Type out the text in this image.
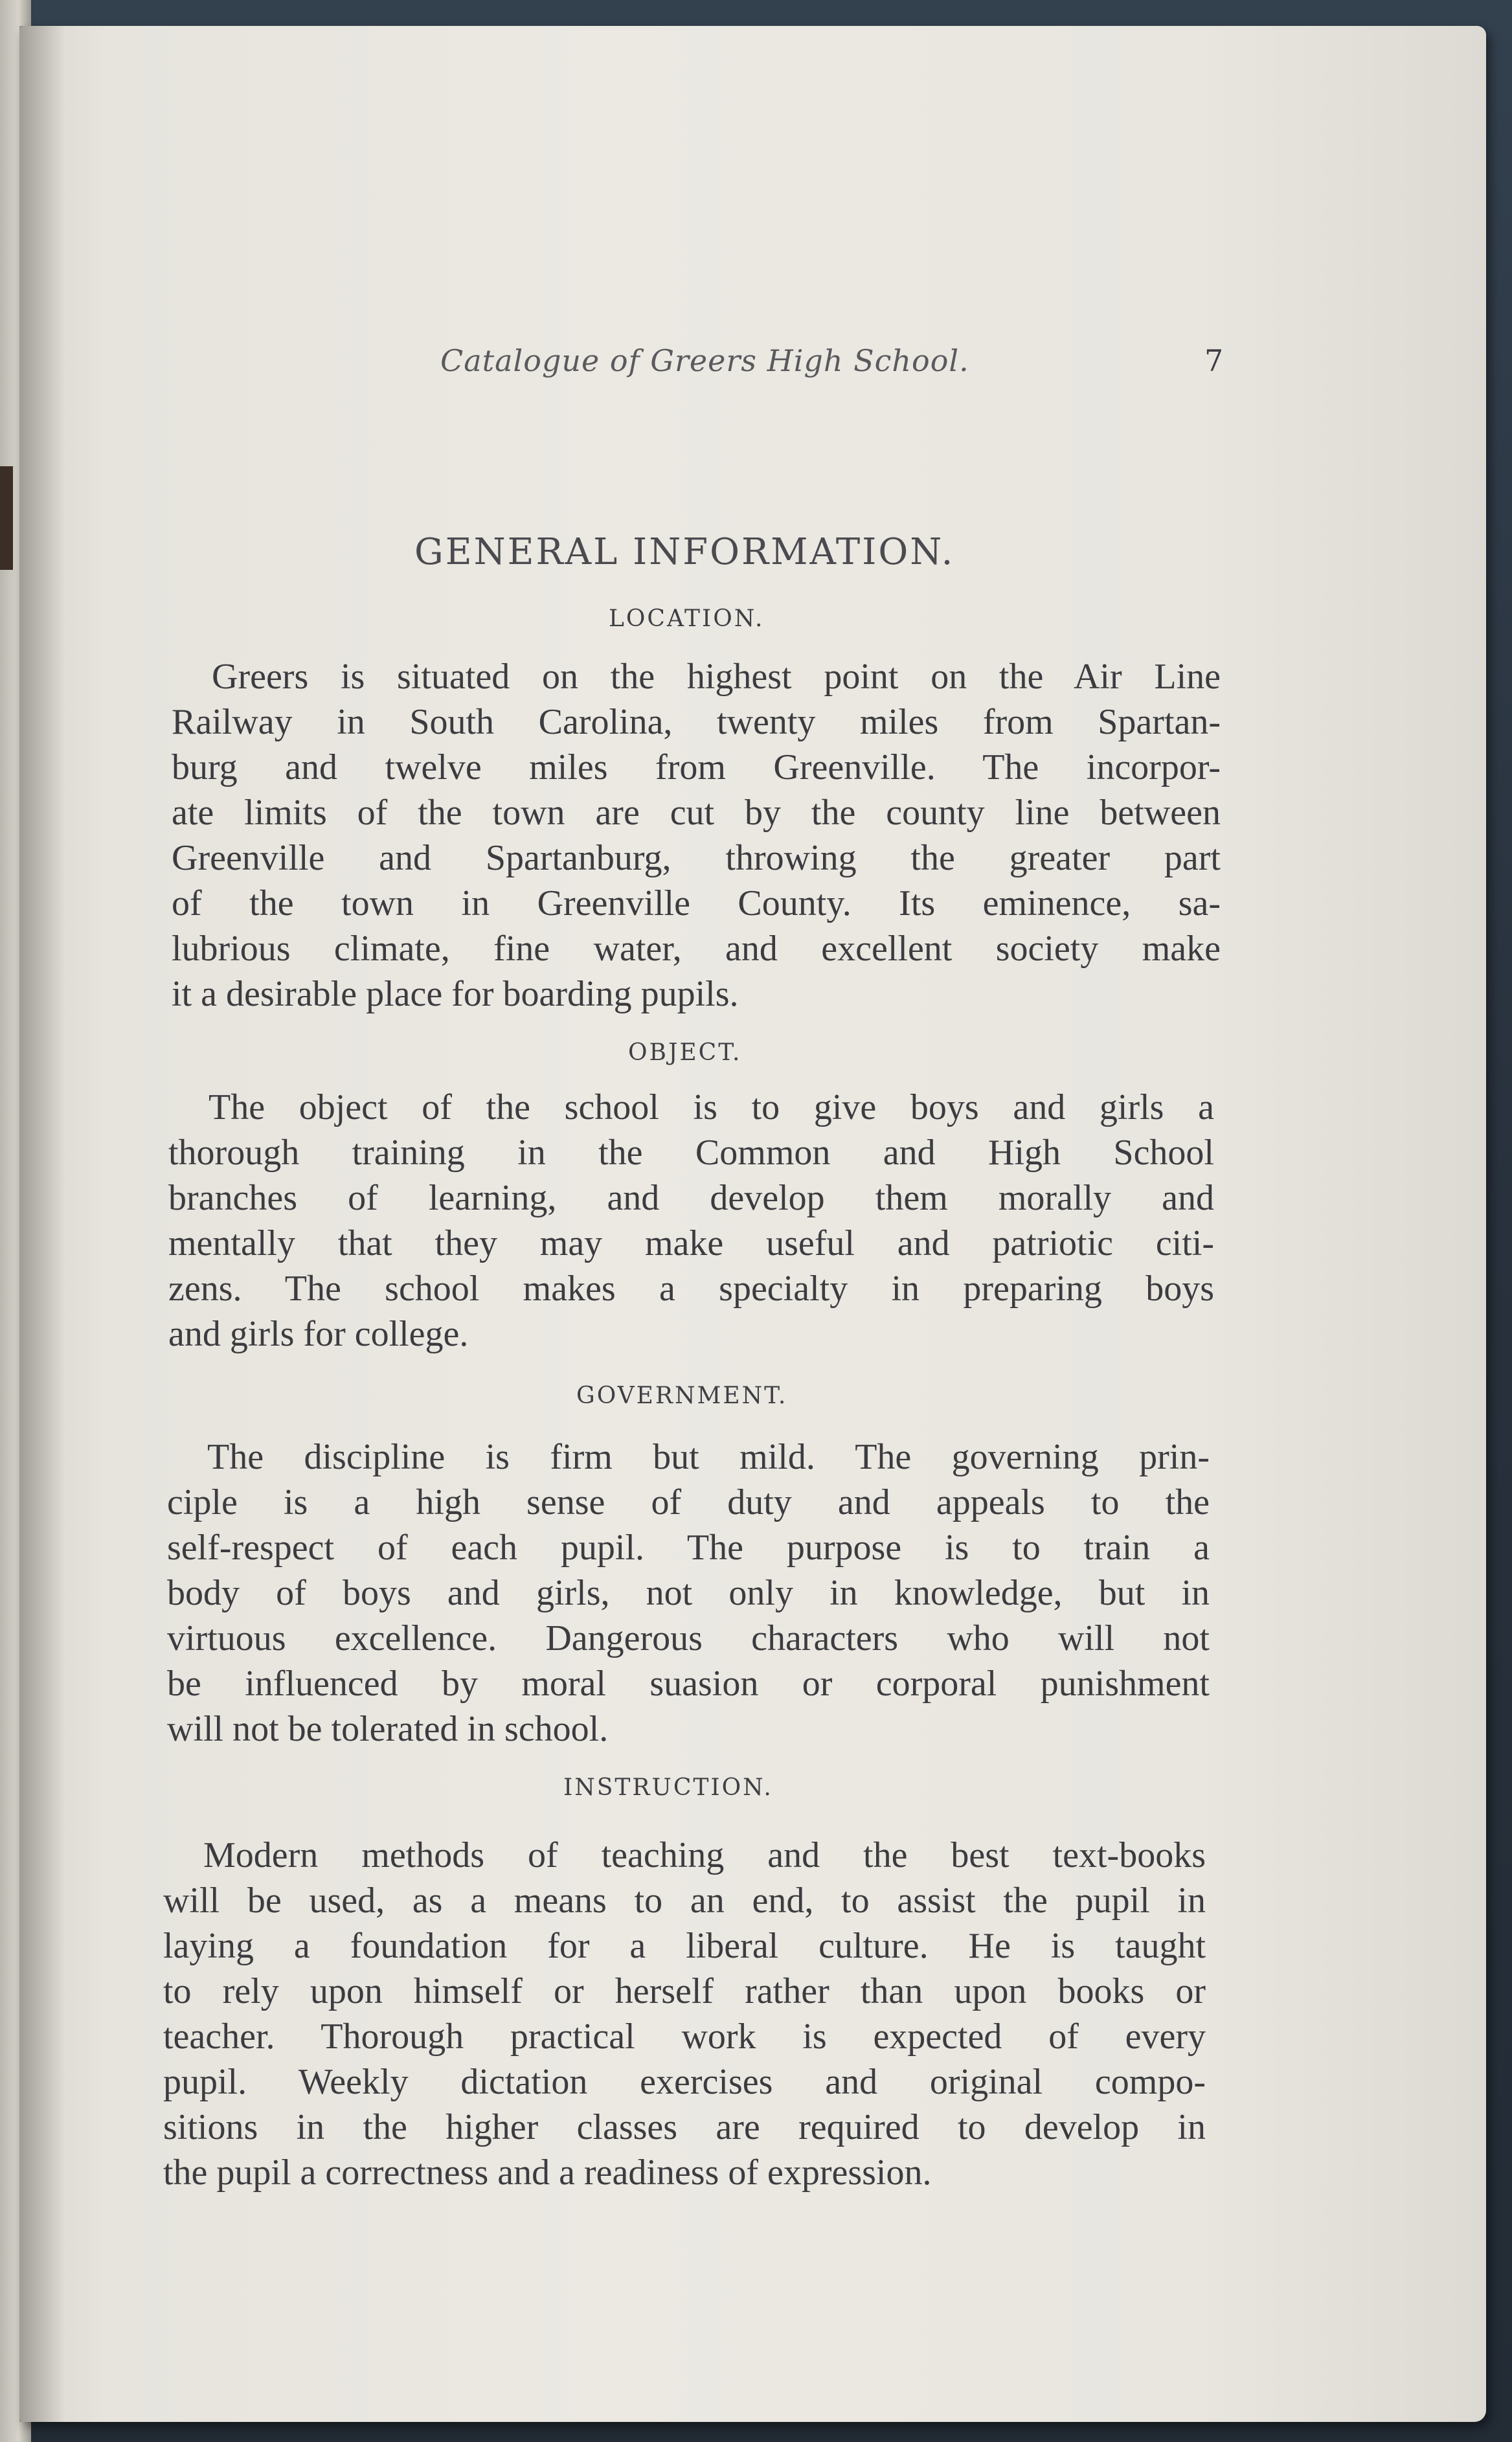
Catalogue of Greers High School.	7
GENERAL INFORMATION.
LOCATION.
Greers is situated on the highest point on the Air Line
Railway in South Carolina, twenty miles from Spartan-
burg and twelve miles from Greenville. The incorpor-
ate limits of the town are cut by the county line between
Greenville and Spartanburg, throwing the greater part
of the town in Greenville County. Its eminence, sa-
lubrious climate, fine water, and excellent society make
it a desirable place for boarding pupils.
OBJECT.
The object of the school is to give boys and girls a
thorough training in the Common and High School
branches of learning, and develop them morally and
mentally that they may make useful and patriotic citi-
zens. The school makes a specialty in preparing boys
and girls for college.
GOVERNMENT.
The discipline is firm but mild. The governing prin-
ciple is a high sense of duty and appeals to the
self-respect of each pupil. The purpose is to train a
body of boys and girls, not only in knowledge, but in
virtuous excellence. Dangerous characters who will not
be influenced by moral suasion or corporal punishment
will not be tolerated in school.
INSTRUCTION.
Modern methods of teaching and the best text-books
will be used, as a means to an end, to assist the pupil in
laying a foundation for a liberal culture. He is taught
to rely upon himself or herself rather than upon books or
teacher. Thorough practical work is expected of every
pupil. Weekly dictation exercises and original compo-
sitions in the higher classes are required to develop in
the pupil a correctness and a readiness of expression.
